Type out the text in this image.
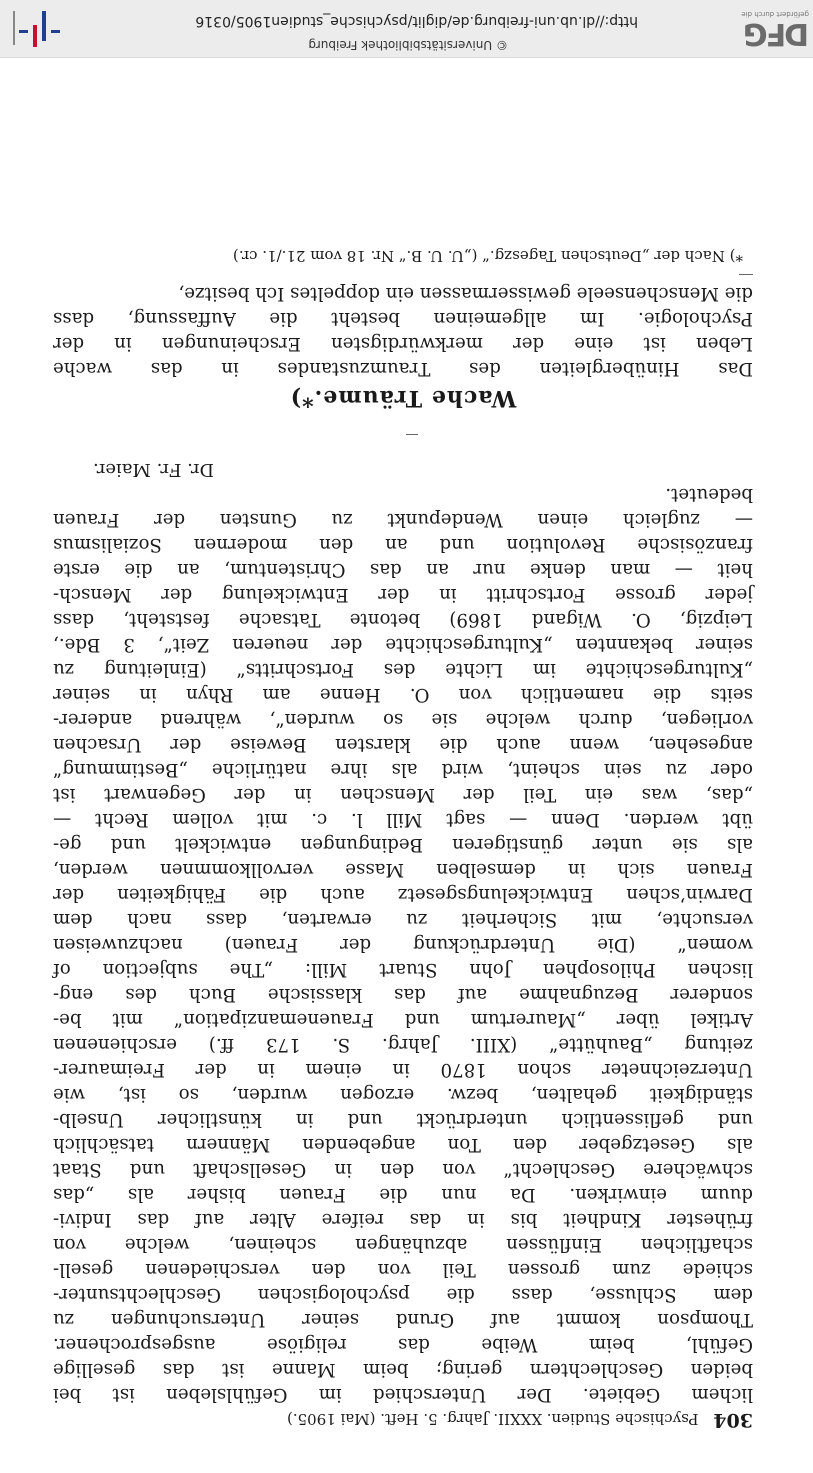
304 Psychische Studien. XXXII. Jahrg. 5. Heft. (Mai 1905.)
lichem Gebiete. Der Unterschied im Gefühlsleben ist bei
beiden Geschlechtern gering; beim Manne ist das gesellige
Gefühl, beim Weibe das religiöse ausgesprochener.
Thompson kommt auf Grund seiner Untersuchungen zu
dem Schlusse, dass die psychologischen Geschlechtsunter-
schiede zum grossen Teil von den verschiedenen gesell-
schaftlichen Einflüssen abzuhängen scheinen, welche von
frühester Kindheit bis in das reifere Alter auf das Indivi-
duum einwirken. Da nun die Frauen bisher als „das
schwächere Geschlecht“ von den in Gesellschaft und Staat
als Gesetzgeber den Ton angebenden Männern tatsächlich
und geflissentlich unterdrückt und in künstlicher Unselb-
ständigkeit gehalten, bezw. erzogen wurden, so ist, wie
Unterzeichneter schon 1870 in einem in der Freimaurer-
zeitung „Bauhütte“ (XIII. Jahrg. S. 173 ff.) erschienenen
Artikel über „Maurertum und Frauenemanzipation“ mit be-
sonderer Bezugnahme auf das klassische Buch des eng-
lischen Philosophen John Stuart Mill: „The subjection of
women“ (Die Unterdrückung der Frauen) nachzuweisen
versuchte, mit Sicherheit zu erwarten, dass nach dem
Darwin’schen Entwickelungsgesetz auch die Fähigkeiten der
Frauen sich in demselben Masse vervollkommnen werden,
als sie unter günstigeren Bedingungen entwickelt und ge-
übt werden. Denn — sagt Mill l. c. mit vollem Recht —
„das, was ein Teil der Menschen in der Gegenwart ist
oder zu sein scheint, wird als ihre natürliche „Bestimmung“
angesehen, wenn auch die klarsten Beweise der Ursachen
vorliegen, durch welche sie so wurden“, während anderer-
seits die namentlich von O. Henne am Rhyn in seiner
„Kulturgeschichte im Lichte des Fortschritts“ (Einleitung zu
seiner bekannten „Kulturgeschichte der neueren Zeit“, 3 Bde.,
Leipzig, O. Wigand 1869) betonte Tatsache feststeht, dass
jeder grosse Fortschritt in der Entwickelung der Mensch-
heit — man denke nur an das Christentum, an die erste
französische Revolution und an den modernen Sozialismus
— zugleich einen Wendepunkt zu Gunsten der Frauen
bedeutet.
Dr. Fr. Maier.
Wache Träume.*)
Das Hinübergleiten des Traumzustandes in das wache
Leben ist eine der merkwürdigsten Erscheinungen in der
Psychologie. Im allgemeinen besteht die Auffassung, dass
die Menschenseele gewissermassen ein doppeltes Ich besitze,
*) Nach der „Deutschen Tageszg.“ („U. U. B.“ Nr. 18 vom 21./1. cr.)
DFG
gefördert durch die
© Universitätsbibliothek Freiburg
http://dl.ub.uni-freiburg.de/diglit/psychische_studien1905/0316
